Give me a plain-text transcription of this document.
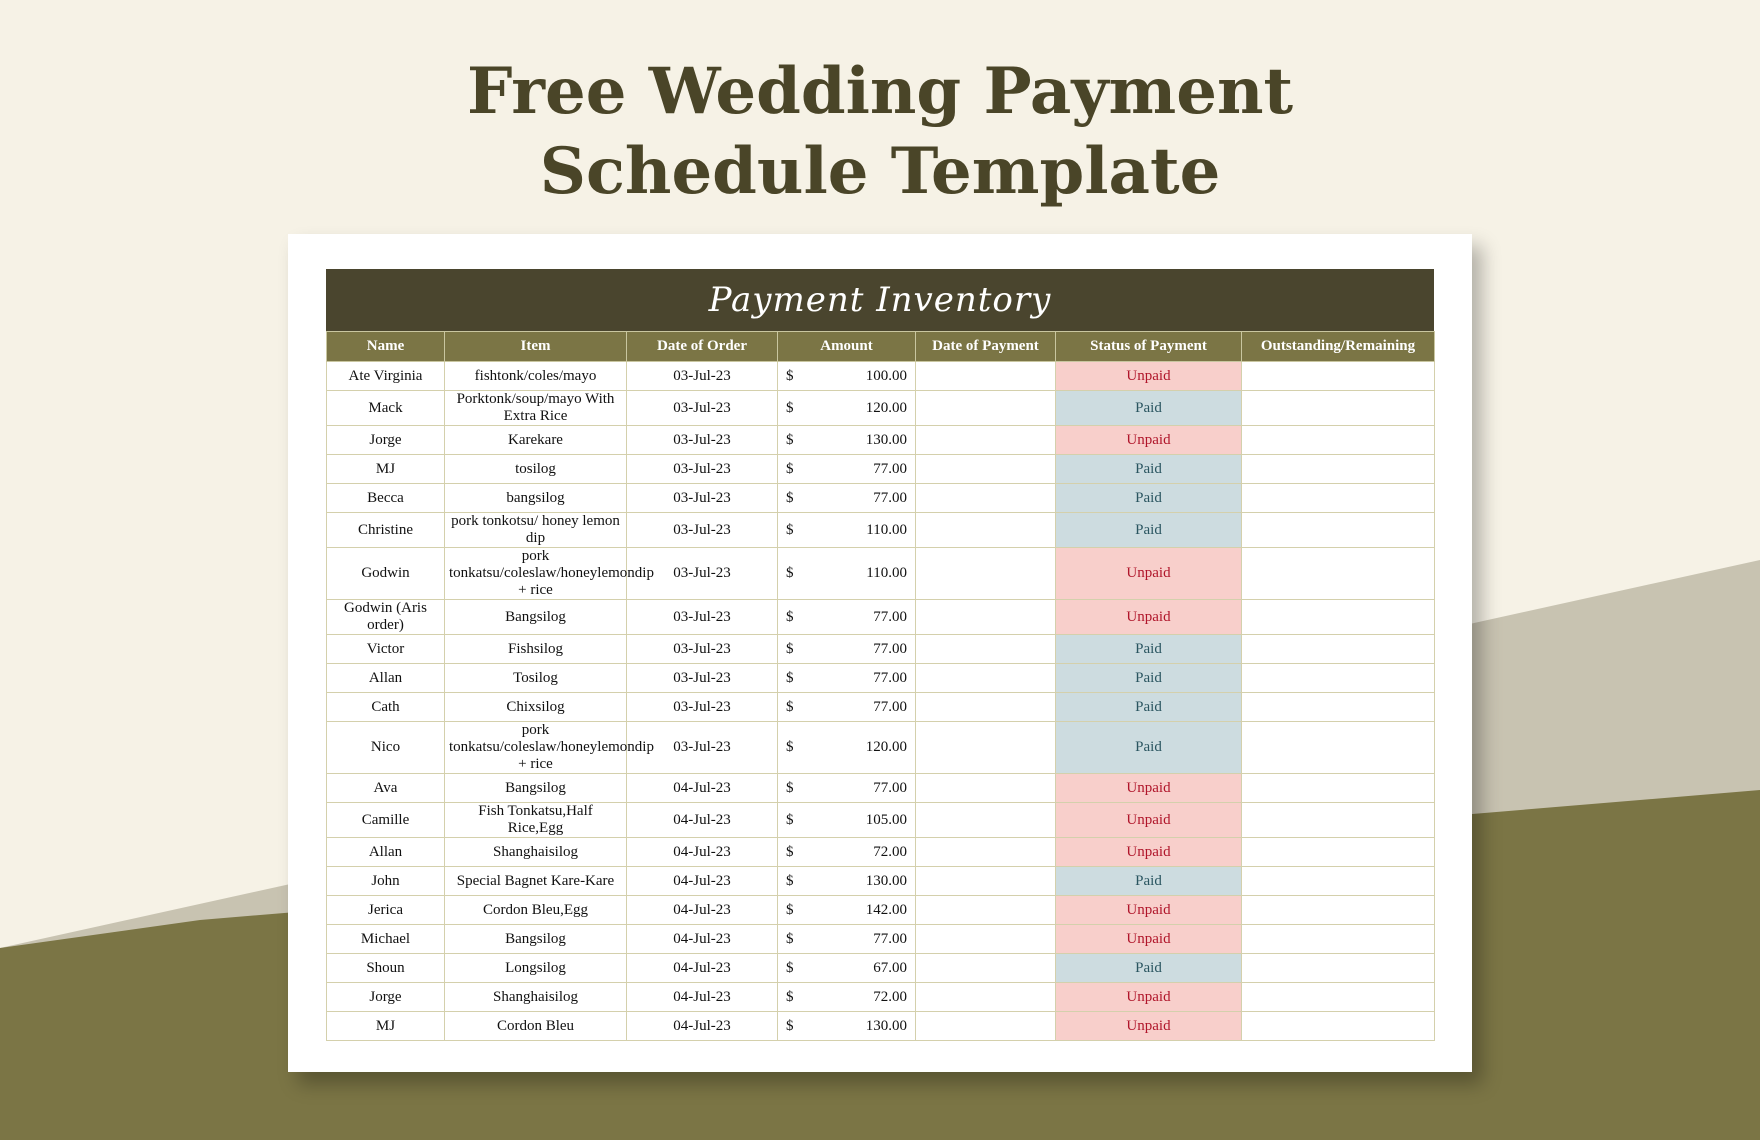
Free Wedding Payment
Schedule Template
Payment Inventory
Name	Item	Date of Order	Amount	Date of Payment	Status of Payment	Outstanding/Remaining
Ate Virginia	fishtonk/coles/mayo	03-Jul-23	$ 100.00		Unpaid	
Mack	Porktonk/soup/mayo With Extra Rice	03-Jul-23	$ 120.00		Paid	
Jorge	Karekare	03-Jul-23	$ 130.00		Unpaid	
MJ	tosilog	03-Jul-23	$ 77.00		Paid	
Becca	bangsilog	03-Jul-23	$ 77.00		Paid	
Christine	pork tonkotsu/ honey lemon dip	03-Jul-23	$ 110.00		Paid	
Godwin	pork tonkatsu/coleslaw/honeylemondip + rice	03-Jul-23	$ 110.00		Unpaid	
Godwin (Aris order)	Bangsilog	03-Jul-23	$ 77.00		Unpaid	
Victor	Fishsilog	03-Jul-23	$ 77.00		Paid	
Allan	Tosilog	03-Jul-23	$ 77.00		Paid	
Cath	Chixsilog	03-Jul-23	$ 77.00		Paid	
Nico	pork tonkatsu/coleslaw/honeylemondip + rice	03-Jul-23	$ 120.00		Paid	
Ava	Bangsilog	04-Jul-23	$ 77.00		Unpaid	
Camille	Fish Tonkatsu,Half Rice,Egg	04-Jul-23	$ 105.00		Unpaid	
Allan	Shanghaisilog	04-Jul-23	$ 72.00		Unpaid	
John	Special Bagnet Kare-Kare	04-Jul-23	$ 130.00		Paid	
Jerica	Cordon Bleu,Egg	04-Jul-23	$ 142.00		Unpaid	
Michael	Bangsilog	04-Jul-23	$ 77.00		Unpaid	
Shoun	Longsilog	04-Jul-23	$ 67.00		Paid	
Jorge	Shanghaisilog	04-Jul-23	$ 72.00		Unpaid	
MJ	Cordon Bleu	04-Jul-23	$ 130.00		Unpaid	
